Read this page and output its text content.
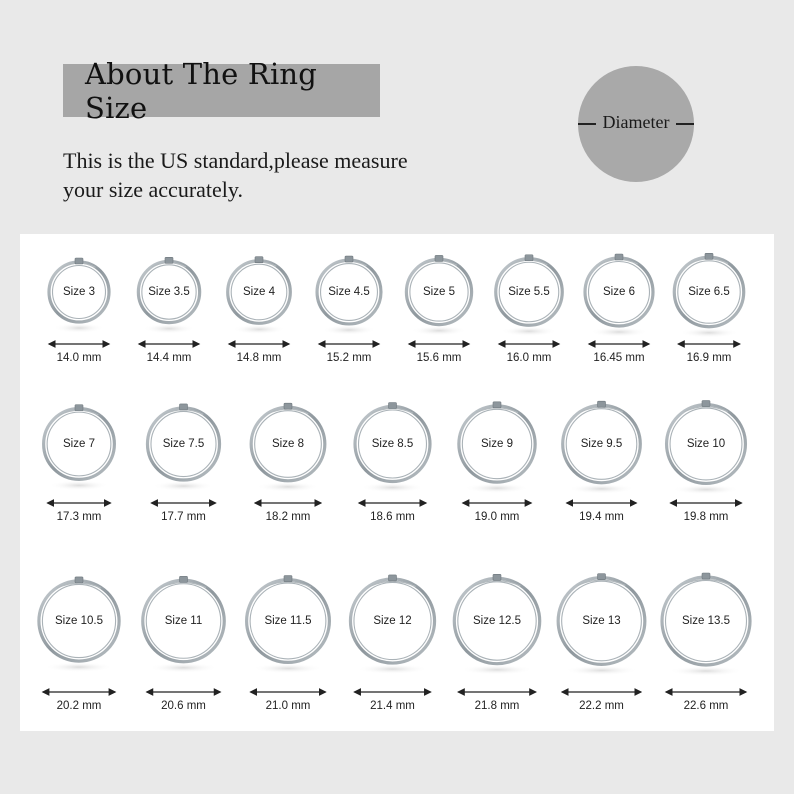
About The Ring Size
This is the US standard,please measure
your size accurately.
Diameter
Size 3
14.0 mm
Size 3.5
14.4 mm
Size 4
14.8 mm
Size 4.5
15.2 mm
Size 5
15.6 mm
Size 5.5
16.0 mm
Size 6
16.45 mm
Size 6.5
16.9 mm
Size 7
17.3 mm
Size 7.5
17.7 mm
Size 8
18.2 mm
Size 8.5
18.6 mm
Size 9
19.0 mm
Size 9.5
19.4 mm
Size 10
19.8 mm
Size 10.5
20.2 mm
Size 11
20.6 mm
Size 11.5
21.0 mm
Size 12
21.4 mm
Size 12.5
21.8 mm
Size 13
22.2 mm
Size 13.5
22.6 mm
